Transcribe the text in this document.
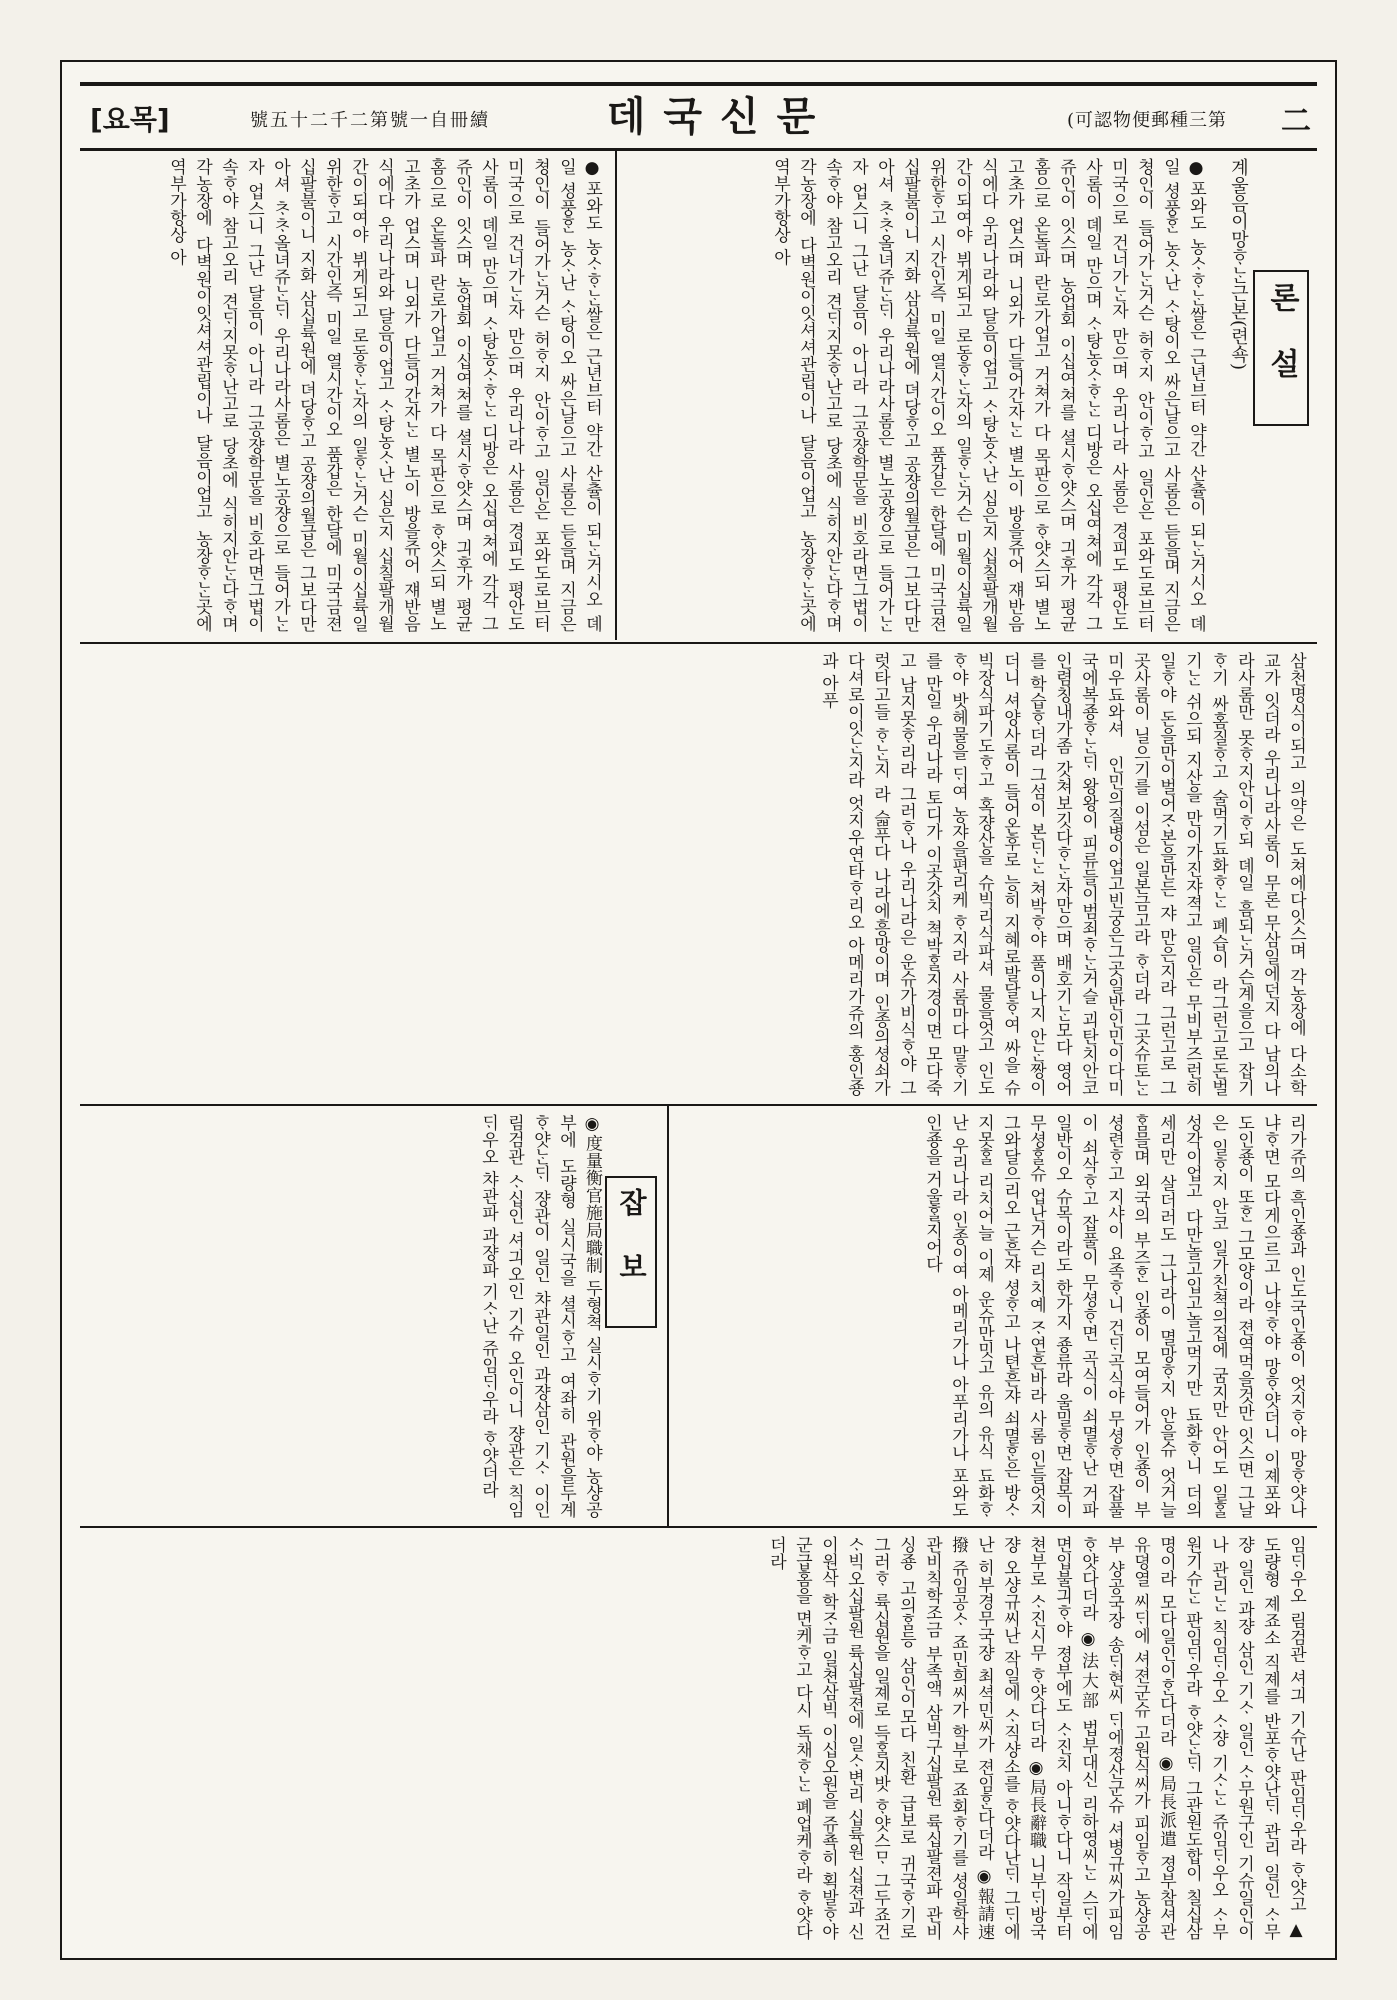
[요목]	號五十二千二第號一自冊續	데국신문	(可認物便郵種三第 二
론설
계울음이망ᄒᆞᄂᆞᆫ근본(련쇽)
●포와도 농ᄉᆞᄒᆞᄂᆞᆫ쌀은 근년브터 약간 산츌이 되ᄂᆞᆫ거시오 뎨일 셩풍ᄒᆞᆫ 농ᄉᆞ난 ᄉᆞ탕이오 싸은날으고 사롬은 듣을며 지금은 쳥인이 들어가ᄂᆞᆫ거슨 허ᄒᆞ지 안이ᄒᆞ고 일인은 포와도로브터 미국으로 건너가ᄂᆞᆫ자 만으며 우리나라 사롬은 경피도 평안도 사롬이 뎨일 만으며 ᄉᆞ탕농ᄉᆞᄒᆞᄂᆞᆫ 디방은 오십여쳐에 각각 그쥬인이 잇스며 농업회 이십여쳐를 셜시ᄒᆞ얏스며 긔후가 평균홈으로 온돌파 란로가업고 거쳐가 다 목판으로 ᄒᆞ얏스되 별노 고초가 업스며 니외가 다들어간자ᄂᆞᆫ 별노이 방을쥬어 쟤반음식에다 우리나라와 달음이업고 ᄉᆞ탕농ᄉᆞ난 십은지 십칠팔개월간이되여야 뷔게되고 로동ᄒᆞᄂᆞᆫ자의 일ᄒᆞᄂᆞᆫ거슨 미월이십륙일위한ᄒᆞ고 시간인즉 미일 열시간이오 품갑은 한달에 미국금젼 십팔불이니 지화 삼십륙원에 뎌당ᄒᆞ고 공쟝의월급은 그보다만아셔 ᄎᆞᄎᆞ올녀쥬ᄂᆞᆫᄃᆡ 우리나라사롬은 별노공쟝으로 들어가ᄂᆞᆫ자 업스니 그난 달음이 아니라 그공쟝학문을 비호라면그법이속ᄒᆞ야 참고오리 견ᄃᆡ지못ᄒᆞ난고로 당초에 식히지안ᄂᆞᆫ다ᄒᆞ며 각농장에 다벽원이잇셔셔관립이나 달음이업고 농장ᄒᆞᄂᆞᆫ곳에 역부가항상 아
●포와도 농ᄉᆞᄒᆞᄂᆞᆫ쌀은 근년브터 약간 산츌이 되ᄂᆞᆫ거시오 뎨일 셩풍ᄒᆞᆫ 농ᄉᆞ난 ᄉᆞ탕이오 싸은날으고 사롬은 듣을며 지금은 쳥인이 들어가ᄂᆞᆫ거슨 허ᄒᆞ지 안이ᄒᆞ고 일인은 포와도로브터 미국으로 건너가ᄂᆞᆫ자 만으며 우리나라 사롬은 경피도 평안도 사롬이 뎨일 만으며 ᄉᆞ탕농ᄉᆞᄒᆞᄂᆞᆫ 디방은 오십여쳐에 각각 그쥬인이 잇스며 농업회 이십여쳐를 셜시ᄒᆞ얏스며 긔후가 평균홈으로 온돌파 란로가업고 거쳐가 다 목판으로 ᄒᆞ얏스되 별노 고초가 업스며 니외가 다들어간자ᄂᆞᆫ 별노이 방을쥬어 쟤반음식에다 우리나라와 달음이업고 ᄉᆞ탕농ᄉᆞ난 십은지 십칠팔개월간이되여야 뷔게되고 로동ᄒᆞᄂᆞᆫ자의 일ᄒᆞᄂᆞᆫ거슨 미월이십륙일위한ᄒᆞ고 시간인즉 미일 열시간이오 품갑은 한달에 미국금젼 십팔불이니 지화 삼십륙원에 뎌당ᄒᆞ고 공쟝의월급은 그보다만아셔 ᄎᆞᄎᆞ올녀쥬ᄂᆞᆫᄃᆡ 우리나라사롬은 별노공쟝으로 들어가ᄂᆞᆫ자 업스니 그난 달음이 아니라 그공쟝학문을 비호라면그법이속ᄒᆞ야 참고오리 견ᄃᆡ지못ᄒᆞ난고로 당초에 식히지안ᄂᆞᆫ다ᄒᆞ며 각농장에 다벽원이잇셔셔관립이나 달음이업고 농장ᄒᆞᄂᆞᆫ곳에 역부가항상 아
삼천명식이되고 의약은 도쳐에다잇스며 각농장에 다소학교가 잇더라 우리나라사롬이 무론 무삼일에던지 다 남의나라사롬만 못ᄒᆞ지안이ᄒᆞ되 뎨일 흠되ᄂᆞᆫ거슨계을으고 잡기ᄒᆞ기 싸홈질ᄒᆞ고 술먹기됴화ᄒᆞᄂᆞᆫ 폐습이 라그런고로돈벌기ᄂᆞᆫ 쉬으되 지산을 만이가진쟈젹고 일인은 무비부즈런히 일ᄒᆞ야 돈을만이벌어ᄌᆞ본을만든 쟈 만은지라 그런고로 그곳사롬이 닐으기를 이섬은 일본금고라 ᄒᆞ더라 그곳슈토ᄂᆞᆫ 미우됴와셔 인민의질병이업고빈궁은그곳일반인민이다미국에복죵ᄒᆞᄂᆞᆫᄃᆡ 왕왕이 피류들이범죄ᄒᆞᄂᆞᆫ거슬 괴탄치안코 인렴칭내가좀 갓쳐보깃다ᄒᆞᄂᆞᆫ자만으며 배호기ᄂᆞᆫ모다 영어를 학습ᄒᆞ더라 그섬이 본ᄃᆡᄂᆞᆫ 쳐박ᄒᆞ야 풀이나지 안ᄂᆞᆫ짱이더니 셔양사롬이 들어온후로 능히 지혜로발달ᄒᆞ여 싸을 슈빅장식파기도ᄒᆞ고 혹쟝산을 슈빅리식파셔 물을엇고 인도ᄒᆞ야 밧헤물을 ᄃᆡ여 농쟈을편리케 ᄒᆞ지라 사롬마다 말ᄒᆞ기를 만일 우리나라 토디가 이곳갓치 쳑박ᄒᆞᆯ지경이면 모다죽고 남지못ᄒᆞ리라 그러ᄒᆞ나 우리나라은 운슈가비식ᄒᆞ야 그럿타고들 ᄒᆞᄂᆞᆫ지 라 슯푸다 나라에흥망이며 인종의셩쇠가 다셔로이잇ᄂᆞᆫ지라 엇지우연타ᄒᆞ리오 아메리가쥬의 홍인죵과 아푸
리가쥬의 흑인죵과 인도국인죵이 엇지ᄒᆞ야 망ᄒᆞ얏나냐ᄒᆞ면 모다게으르고 나약ᄒᆞ야 망ᄒᆞ얏더니 이졔포와도인죵이 또ᄒᆞᆫ 그모양이라 젼역먹을것만 잇스면 그날은 일ᄒᆞ지 안코 일가친쳑의집에 굼지만 안어도 일ᄒᆞᆯ성각이업고 다만놀고입고놀고먹기만 됴화ᄒᆞ니 더의세리만 살더러도 그나라이 멸망ᄒᆞ지 안을슈 엇거늘 ᄒᆞᆷ믈며 외국의 부즈ᄒᆞᆫ 인죵이 모여들어가 인죵이 부셩련ᄒᆞ고 지샤이 요족ᄒᆞ니 건ᄃᆡ곡식야 무셩ᄒᆞ면 잡풀이 쇠삭ᄒᆞ고 잡풀이 무셩ᄒᆞ면 곡식이 쇠멸ᄒᆞ난 거파 일반이오 슈목이라도 한가지 죵류라 울밀ᄒᆞ면 잡목이 무셩ᄒᆞᆯ슈 업난거슨 리치예 ᄌᆞ연흔바라 사롬 인들엇지 그와달으리오 근흔쟈 셩ᄒᆞ고 나텬흔쟈 쇠멸ᄒᆞᆫ은 방ᄉᆞ지못ᄒᆞᆯ 리치어늘 이졔 운슈만밋고 유의 유식 됴화ᄒᆞ난 우리나라 인종이여 아메리가나 아푸리가나 포와도 인죵을 거울ᄒᆞᆯ지어다
잡보
◉度量衡官施局職制 두형쳑 실시ᄒᆞ기 위ᄒᆞ야 농샹공부에 도량형 실시국을 셜시ᄒᆞ고 여좌히 관원을두계 ᄒᆞ얏ᄂᆞᆫᄃᆡ 쟝관이 일인 챠관일인 과쟝삼인 기ᄉᆞ 이인 림검관 ᄉᆞ십인 셔긔오인 기슈 오인이니 쟝관은 칙임ᄃᆡ우오 챠관파 과쟝파 기ᄉᆞ난 쥬임ᄃᆡ우라 ᄒᆞ얏더라
임ᄃᆡ우오 림검관 셔긔 기슈난 판임ᄃᆡ우라 ᄒᆞ얏고 ▲도량형 졔죠소 직졔를 반포ᄒᆞ얏난ᄃᆡ 관리 일인 ᄉᆞ무쟝 일인 과쟝 삼인 기ᄉᆞ 일인 ᄉᆞ무원구인 기슈일인이나 관리ᄂᆞᆫ 칙임ᄃᆡ우오 ᄉᆞ쟝 기ᄉᆞᄂᆞᆫ 쥬임ᄃᆡ우오 ᄉᆞ무원기슈ᄂᆞᆫ 판임ᄃᆡ우라 ᄒᆞ얏ᄂᆞᆫᄃᆡ 그관원도합이 칠십삼명이라 모다일인이ᄒᆞᆫ다더라 ◉局長派遣 졍부참셔관 유뎡열 씨ᄃᆡ에 셔젼군슈 고원식씨가 피임ᄒᆞ고 농샹공부 샹공국장 송ᄃᆡ현씨 ᄃᆡ에졍산군슈 셔병규씨가피임ᄒᆞ얏다더라 ◉法大部 법부대신 리하영씨ᄂᆞᆫ 스ᄃᆡ에 면입불긔ᄒᆞ야 졍부에도 ᄉᆞ진치 아니ᄒᆞ다니 작일부터 쳔부로 ᄉᆞ진시무 ᄒᆞ얏다더라 ◉局長辭職 니부ᄃᆡ방국쟝 오샹규씨난 작일에 ᄉᆞ직샹소를 ᄒᆞ얏다난ᄃᆡ 그ᄃᆡ에난 히부경무국쟝 최셕민씨가 젼임ᄒᆞᆫ다더라 ◉報請速撥 쥬임공ᄉᆞ 죠민희씨가 학부로 죠회ᄒᆞ기를 셩일학샤 관비칙학조금 부족액 삼빅구십팔원 륙십팔젼파 관비싱죵 고의ᄒᆞᆷ등 삼인이모다 친환 급보로 귀국ᄒᆞ기로 그러ᄒᆞ 륙십원을 일졔로 득ᄒᆞᆯ지밧 ᄒᆞ얏스ᄆᆞ 그두죠건 ᄉᆞ빅오십팔원 륙십팔젼에 일ᄉᆞ변리 십륙원 십젼과 신이원삭 학ᄌᆞ금 일쳔삼빅 이십오원을 쥬쵹히 획발ᄒᆞ야 군급홈을 면케ᄒᆞ고 다시 독채ᄒᆞᄂᆞᆫ 폐업케ᄒᆞ라 ᄒᆞ얏다더라
